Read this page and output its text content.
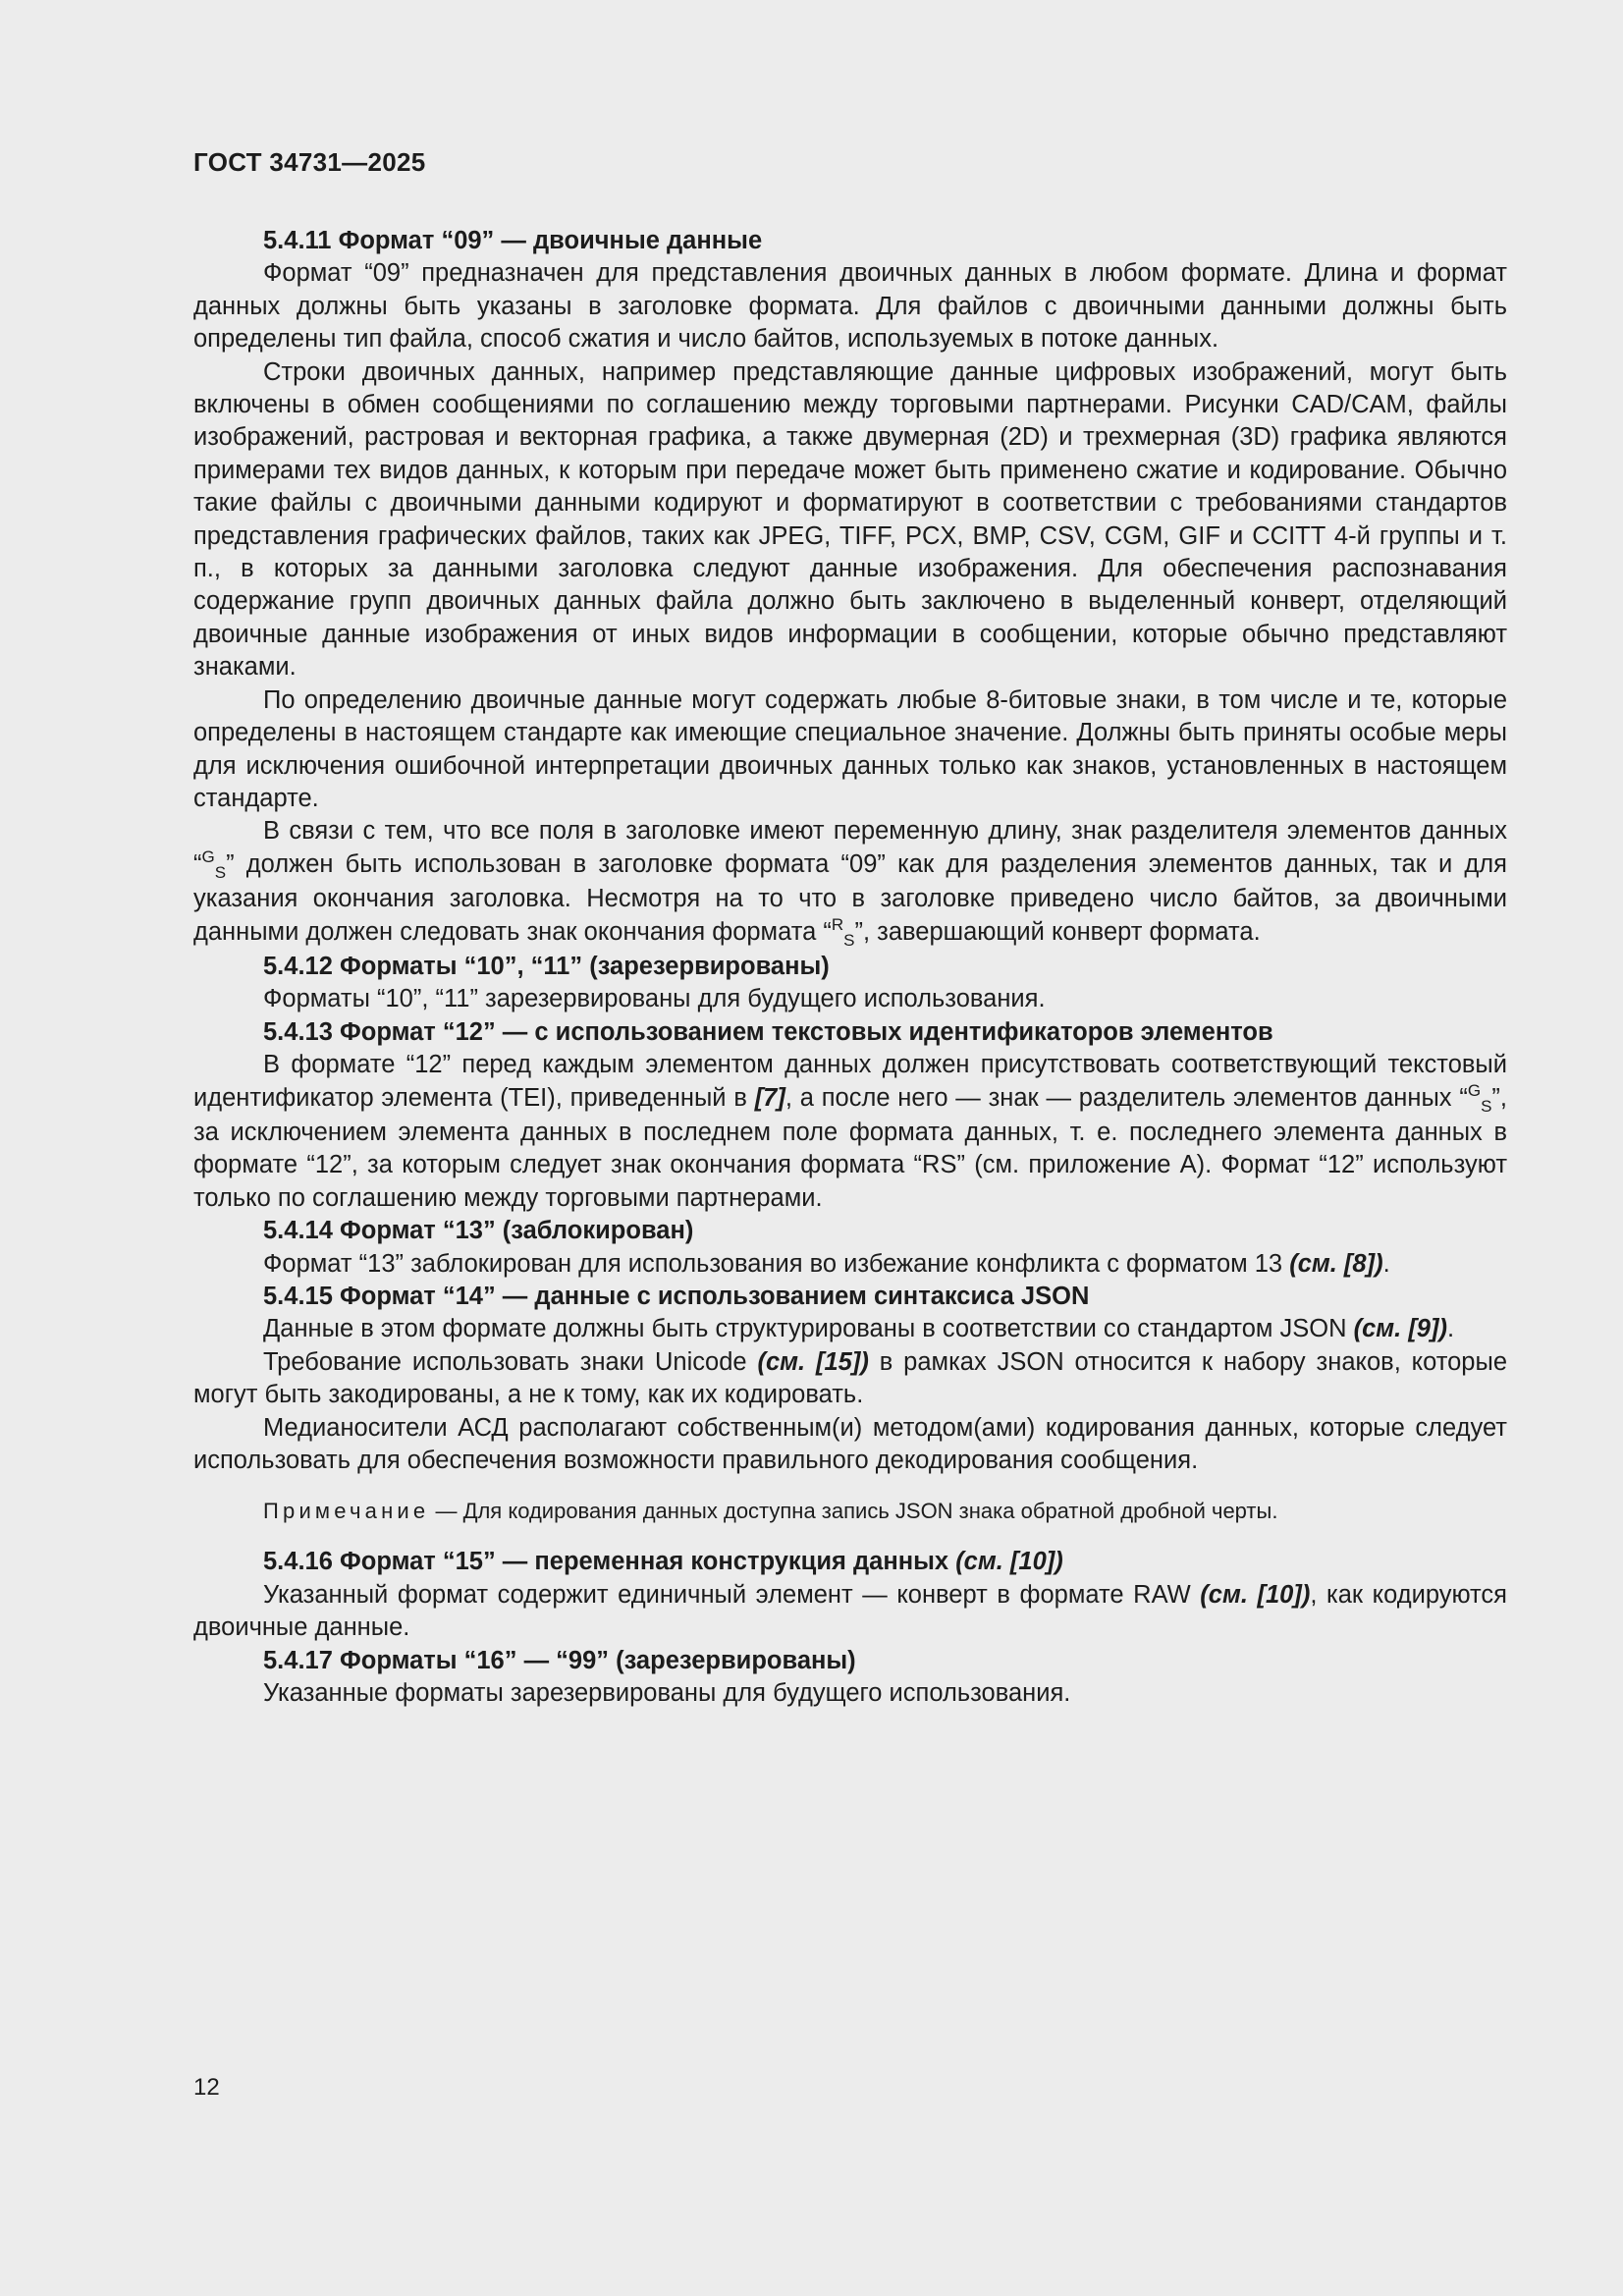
ГОСТ 34731—2025

5.4.11 Формат “09” — двоичные данные

Формат “09” предназначен для представления двоичных данных в любом формате. Длина и формат данных должны быть указаны в заголовке формата. Для файлов с двоичными данными должны быть определены тип файла, способ сжатия и число байтов, используемых в потоке данных.

Строки двоичных данных, например представляющие данные цифровых изображений, могут быть включены в обмен сообщениями по соглашению между торговыми партнерами. Рисунки CAD/CAM, файлы изображений, растровая и векторная графика, а также двумерная (2D) и трехмерная (3D) графика являются примерами тех видов данных, к которым при передаче может быть применено сжатие и кодирование. Обычно такие файлы с двоичными данными кодируют и форматируют в соответствии с требованиями стандартов представления графических файлов, таких как JPEG, TIFF, PCX, BMP, CSV, CGM, GIF и CCITT 4-й группы и т. п., в которых за данными заголовка следуют данные изображения. Для обеспечения распознавания содержание групп двоичных данных файла должно быть заключено в выделенный конверт, отделяющий двоичные данные изображения от иных видов информации в сообщении, которые обычно представляют знаками.

По определению двоичные данные могут содержать любые 8-битовые знаки, в том числе и те, которые определены в настоящем стандарте как имеющие специальное значение. Должны быть приняты особые меры для исключения ошибочной интерпретации двоичных данных только как знаков, установленных в настоящем стандарте.

В связи с тем, что все поля в заголовке имеют переменную длину, знак разделителя элементов данных “$^G_S$” должен быть использован в заголовке формата “09” как для разделения элементов данных, так и для указания окончания заголовка. Несмотря на то что в заголовке приведено число байтов, за двоичными данными должен следовать знак окончания формата “$^R_S$”, завершающий конверт формата.

5.4.12 Форматы “10”, “11” (зарезервированы)

Форматы “10”, “11” зарезервированы для будущего использования.

5.4.13 Формат “12” — с использованием текстовых идентификаторов элементов

В формате “12” перед каждым элементом данных должен присутствовать соответствующий текстовый идентификатор элемента (TEI), приведенный в [7], а после него — знак — разделитель элементов данных “$^G_S$”, за исключением элемента данных в последнем поле формата данных, т. е. последнего элемента данных в формате “12”, за которым следует знак окончания формата “RS” (см. приложение А). Формат “12” используют только по соглашению между торговыми партнерами.

5.4.14 Формат “13” (заблокирован)

Формат “13” заблокирован для использования во избежание конфликта с форматом 13 (см. [8]).

5.4.15 Формат “14” — данные с использованием синтаксиса JSON

Данные в этом формате должны быть структурированы в соответствии со стандартом JSON (см. [9]).

Требование использовать знаки Unicode (см. [15]) в рамках JSON относится к набору знаков, которые могут быть закодированы, а не к тому, как их кодировать.

Медианосители АСД располагают собственным(и) методом(ами) кодирования данных, которые следует использовать для обеспечения возможности правильного декодирования сообщения.

Примечание — Для кодирования данных доступна запись JSON знака обратной дробной черты.

5.4.16 Формат “15” — переменная конструкция данных (см. [10])

Указанный формат содержит единичный элемент — конверт в формате RAW (см. [10]), как кодируются двоичные данные.

5.4.17 Форматы “16” — “99” (зарезервированы)

Указанные форматы зарезервированы для будущего использования.

12
